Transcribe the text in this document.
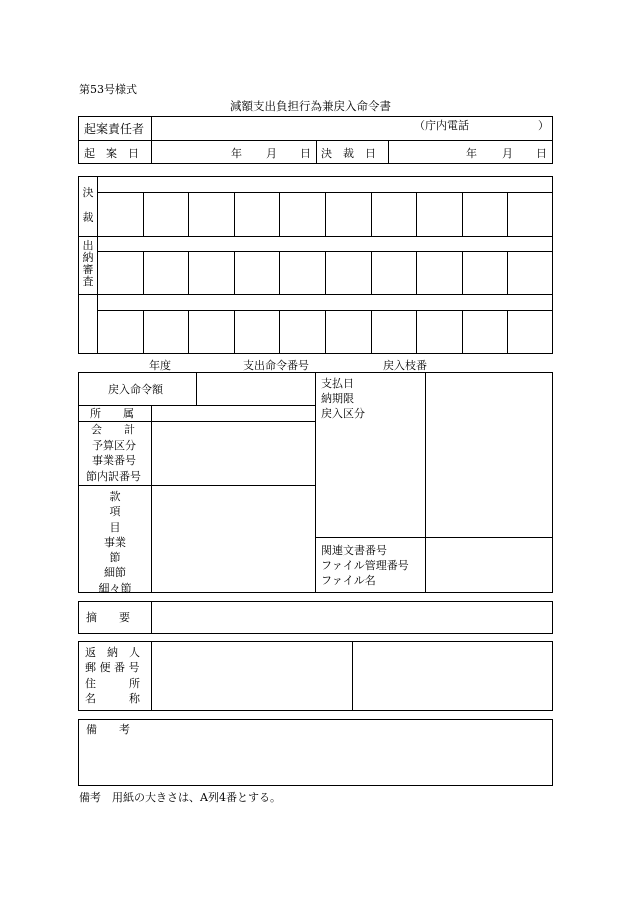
第53号様式
減額支出負担行為兼戻入命令書
起案責任者	（庁内電話	）
起　案　日	年 月 日 決　裁　日	年 月 日
決
裁
出
納
審
査
年度	支出命令番号	戻入枝番
戻入命令額
所　　属
会　　計
予算区分
事業番号
節内訳番号
款
項
目
事業
節
細節
細々節
支払日
納期限
戻入区分
関連文書番号
ファイル管理番号
ファイル名
摘　　要
返　納　人
郵 便 番 号
住　　　所
名　　　称
備　　考
備考　用紙の大きさは、A列4番とする。
